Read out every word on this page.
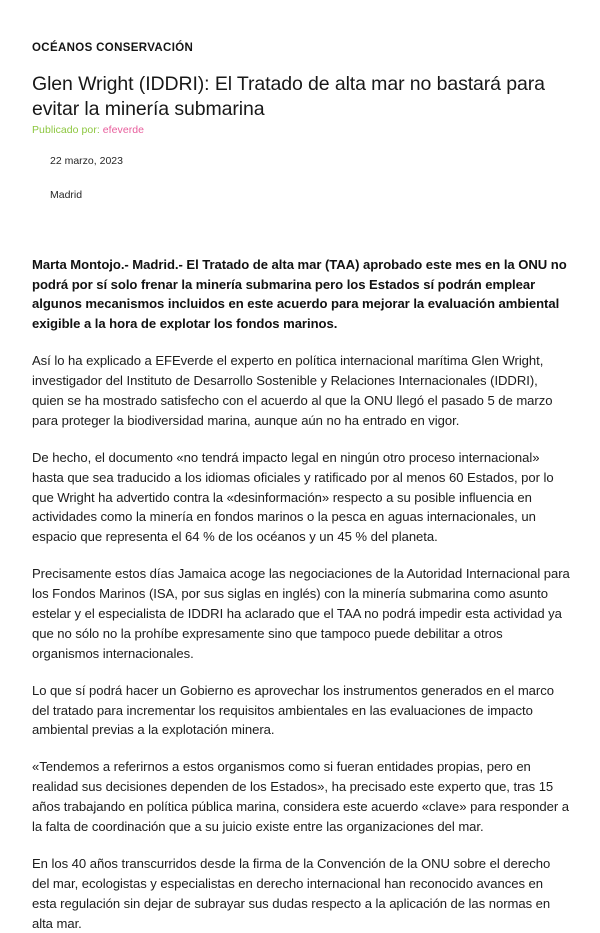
OCÉANOS CONSERVACIÓN
Glen Wright (IDDRI): El Tratado de alta mar no bastará para evitar la minería submarina
Publicado por: efeverde
22 marzo, 2023
Madrid

Marta Montojo.- Madrid.- El Tratado de alta mar (TAA) aprobado este mes en la ONU no podrá por sí solo frenar la minería submarina pero los Estados sí podrán emplear algunos mecanismos incluidos en este acuerdo para mejorar la evaluación ambiental exigible a la hora de explotar los fondos marinos.

Así lo ha explicado a EFEverde el experto en política internacional marítima Glen Wright, investigador del Instituto de Desarrollo Sostenible y Relaciones Internacionales (IDDRI), quien se ha mostrado satisfecho con el acuerdo al que la ONU llegó el pasado 5 de marzo para proteger la biodiversidad marina, aunque aún no ha entrado en vigor.

De hecho, el documento «no tendrá impacto legal en ningún otro proceso internacional» hasta que sea traducido a los idiomas oficiales y ratificado por al menos 60 Estados, por lo que Wright ha advertido contra la «desinformación» respecto a su posible influencia en actividades como la minería en fondos marinos o la pesca en aguas internacionales, un espacio que representa el 64 % de los océanos y un 45 % del planeta.

Precisamente estos días Jamaica acoge las negociaciones de la Autoridad Internacional para los Fondos Marinos (ISA, por sus siglas en inglés) con la minería submarina como asunto estelar y el especialista de IDDRI ha aclarado que el TAA no podrá impedir esta actividad ya que no sólo no la prohíbe expresamente sino que tampoco puede debilitar a otros organismos internacionales.

Lo que sí podrá hacer un Gobierno es aprovechar los instrumentos generados en el marco del tratado para incrementar los requisitos ambientales en las evaluaciones de impacto ambiental previas a la explotación minera.

«Tendemos a referirnos a estos organismos como si fueran entidades propias, pero en realidad sus decisiones dependen de los Estados», ha precisado este experto que, tras 15 años trabajando en política pública marina, considera este acuerdo «clave» para responder a la falta de coordinación que a su juicio existe entre las organizaciones del mar.

En los 40 años transcurridos desde la firma de la Convención de la ONU sobre el derecho del mar, ecologistas y especialistas en derecho internacional han reconocido avances en esta regulación sin dejar de subrayar sus dudas respecto a la aplicación de las normas en alta mar.
